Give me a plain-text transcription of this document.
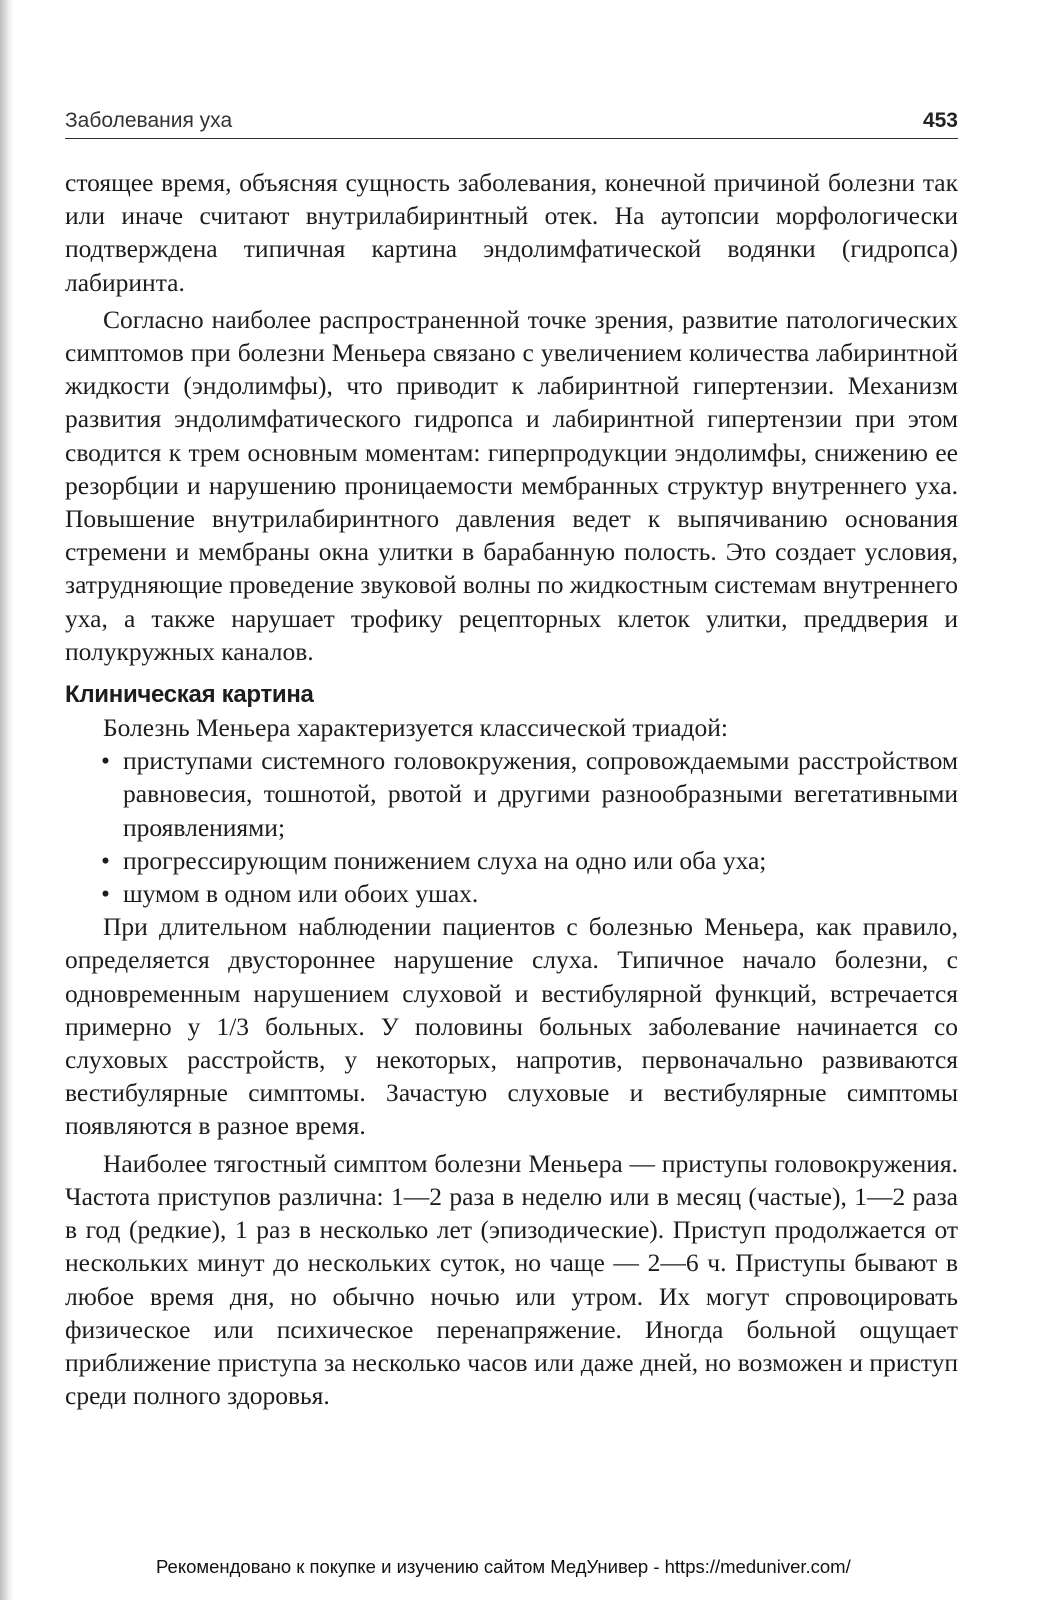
Заболевания уха	453

стоящее время, объясняя сущность заболевания, конечной причиной болезни так или иначе считают внутрилабиринтный отек. На аутопсии морфологически подтверждена типичная картина эндолимфатической водянки (гидропса) лабиринта.

Согласно наиболее распространенной точке зрения, развитие патологических симптомов при болезни Меньера связано с увеличением количества лабиринтной жидкости (эндолимфы), что приводит к лабиринтной гипертензии. Механизм развития эндолимфатического гидропса и лабиринтной гипертензии при этом сводится к трем основным моментам: гиперпродукции эндолимфы, снижению ее резорбции и нарушению проницаемости мембранных структур внутреннего уха. Повышение внутрилабиринтного давления ведет к выпячиванию основания стремени и мембраны окна улитки в барабанную полость. Это создает условия, затрудняющие проведение звуковой волны по жидкостным системам внутреннего уха, а также нарушает трофику рецепторных клеток улитки, преддверия и полукружных каналов.

Клиническая картина

Болезнь Меньера характеризуется классической триадой:

• приступами системного головокружения, сопровождаемыми расстройством равновесия, тошнотой, рвотой и другими разнообразными вегетативными проявлениями;
• прогрессирующим понижением слуха на одно или оба уха;
• шумом в одном или обоих ушах.

При длительном наблюдении пациентов с болезнью Меньера, как правило, определяется двустороннее нарушение слуха. Типичное начало болезни, с одновременным нарушением слуховой и вестибулярной функций, встречается примерно у 1/3 больных. У половины больных заболевание начинается со слуховых расстройств, у некоторых, напротив, первоначально развиваются вестибулярные симптомы. Зачастую слуховые и вестибулярные симптомы появляются в разное время.

Наиболее тягостный симптом болезни Меньера — приступы головокружения. Частота приступов различна: 1—2 раза в неделю или в месяц (частые), 1—2 раза в год (редкие), 1 раз в несколько лет (эпизодические). Приступ продолжается от нескольких минут до нескольких суток, но чаще — 2—6 ч. Приступы бывают в любое время дня, но обычно ночью или утром. Их могут спровоцировать физическое или психическое перенапряжение. Иногда больной ощущает приближение приступа за несколько часов или даже дней, но возможен и приступ среди полного здоровья.

Рекомендовано к покупке и изучению сайтом МедУнивер - https://meduniver.com/
